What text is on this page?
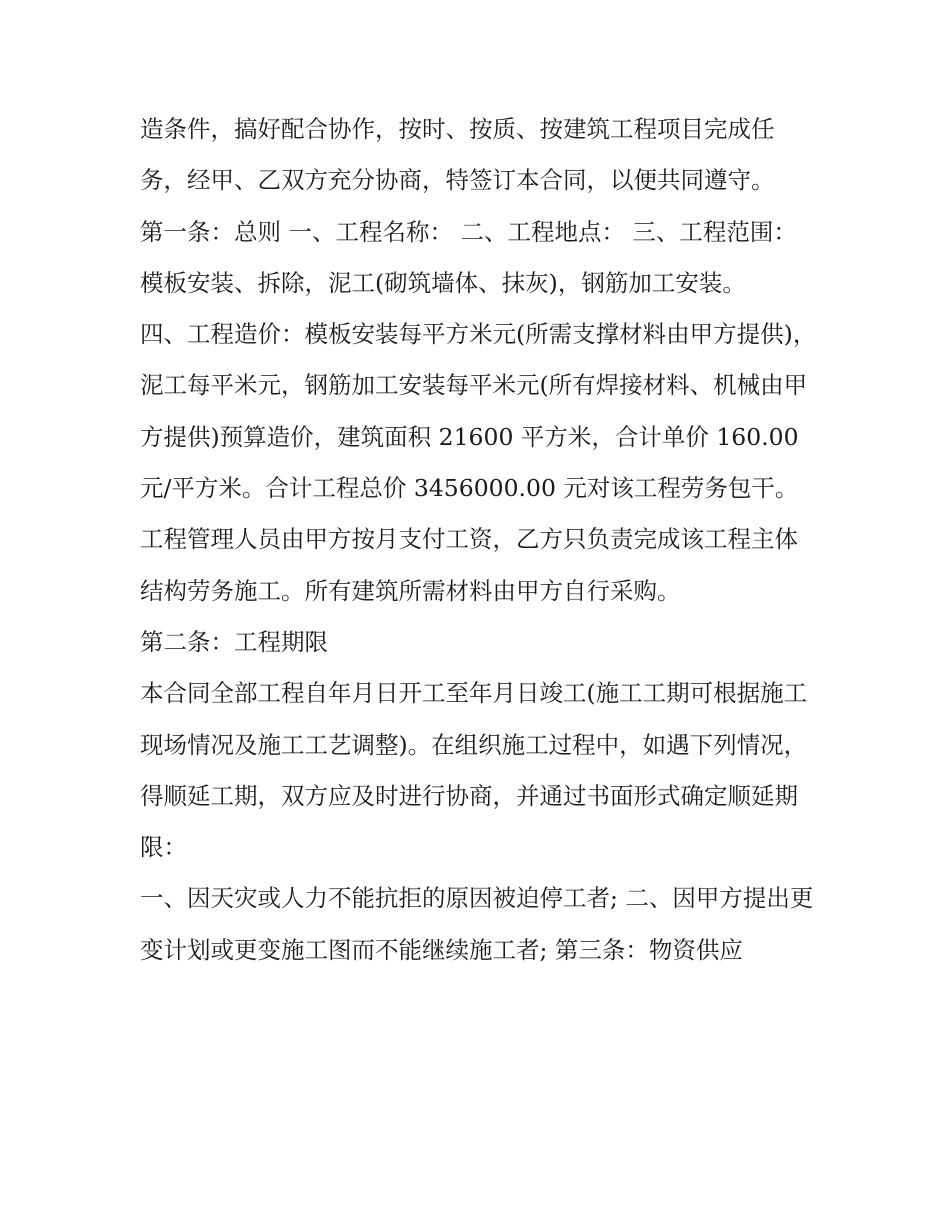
造条件，搞好配合协作，按时、按质、按建筑工程项目完成任务，经甲、乙双方充分协商，特签订本合同，以便共同遵守。

第一条：总则 一、工程名称： 二、工程地点： 三、工程范围：模板安装、拆除，泥工(砌筑墙体、抹灰)，钢筋加工安装。

四、工程造价：模板安装每平方米元(所需支撑材料由甲方提供)，泥工每平米元，钢筋加工安装每平米元(所有焊接材料、机械由甲方提供)预算造价，建筑面积 21600 平方米，合计单价 160.00 元/平方米。合计工程总价 3456000.00 元对该工程劳务包干。工程管理人员由甲方按月支付工资，乙方只负责完成该工程主体结构劳务施工。所有建筑所需材料由甲方自行采购。

第二条：工程期限

本合同全部工程自年月日开工至年月日竣工(施工工期可根据施工现场情况及施工工艺调整)。在组织施工过程中，如遇下列情况，得顺延工期，双方应及时进行协商，并通过书面形式确定顺延期限：

一、因天灾或人力不能抗拒的原因被迫停工者; 二、因甲方提出更变计划或更变施工图而不能继续施工者; 第三条：物资供应
